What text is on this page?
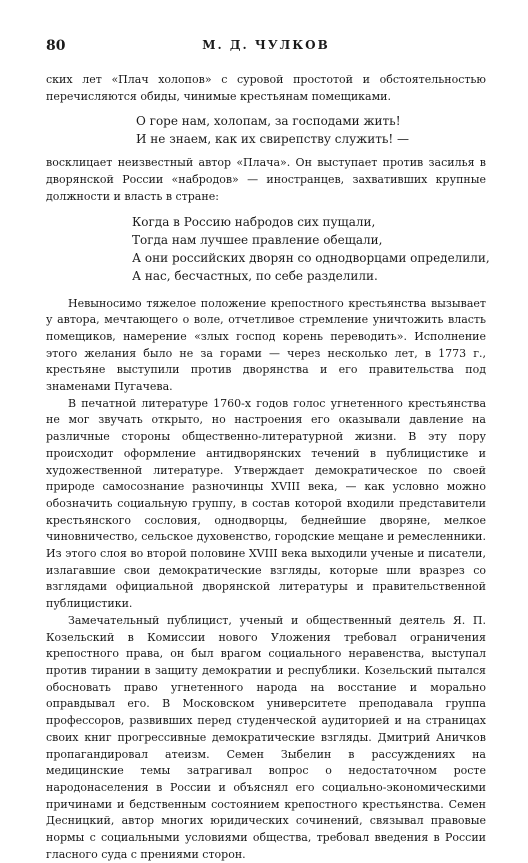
80	М. Д. ЧУЛКОВ

ских лет «Плач холопов» с суровой простотой и обстоятельностью перечисляются обиды, чинимые крестьянам помещиками.

О горе нам, холопам, за господами жить!
И не знаем, как их свирепству служить! —

восклицает неизвестный автор «Плача». Он выступает против засилья в дворянской России «набродов» — иностранцев, захвативших крупные должности и власть в стране:

Когда в Россию набродов сих пущали,
Тогда нам лучшее правление обещали,
А они российских дворян со однодворцами определили,
А нас, бесчастных, по себе разделили.

Невыносимо тяжелое положение крепостного крестьянства вызывает у автора, мечтающего о воле, отчетливое стремление уничтожить власть помещиков, намерение «злых господ корень переводить». Исполнение этого желания было не за горами — через несколько лет, в 1773 г., крестьяне выступили против дворянства и его правительства под знаменами Пугачева.

В печатной литературе 1760-х годов голос угнетенного крестьянства не мог звучать открыто, но настроения его оказывали давление на различные стороны общественно-литературной жизни. В эту пору происходит оформление антидворянских течений в публицистике и художественной литературе. Утверждает демократическое по своей природе самосознание разночинцы XVIII века, — как условно можно обозначить социальную группу, в состав которой входили представители крестьянского сословия, однодворцы, беднейшие дворяне, мелкое чиновничество, сельское духовенство, городские мещане и ремесленники. Из этого слоя во второй половине XVIII века выходили ученые и писатели, излагавшие свои демократические взгляды, которые шли вразрез со взглядами официальной дворянской литературы и правительственной публицистики.

Замечательный публицист, ученый и общественный деятель Я. П. Козельский в Комиссии нового Уложения требовал ограничения крепостного права, он был врагом социального неравенства, выступал против тирании в защиту демократии и республики. Козельский пытался обосновать право угнетенного народа на восстание и морально оправдывал его. В Московском университете преподавала группа профессоров, развивших перед студенческой аудиторией и на страницах своих книг прогрессивные демократические взгляды. Дмитрий Аничков пропагандировал атеизм. Семен Зыбелин в рассуждениях на медицинские темы затрагивал вопрос о недостаточном росте народонаселения в России и объяснял его социально-экономическими причинами и бедственным состоянием крепостного крестьянства. Семен Десницкий, автор многих юридических сочинений, связывал правовые нормы с социальными условиями общества, требовал введения в России гласного суда с прениями сторон.
